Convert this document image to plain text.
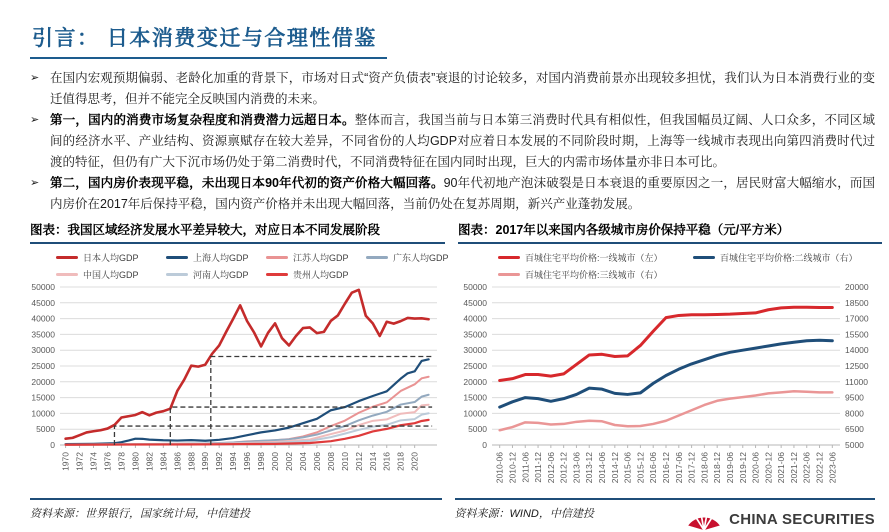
引言： 日本消费变迁与合理性借鉴
➢ 在国内宏观预期偏弱、老龄化加重的背景下，市场对日式“资产负债表”衰退的讨论较多，对国内消费前景亦出现较多担忧，我们认为日本消费行业的变迁值得思考，但并不能完全反映国内消费的未来。

➢ 第一，国内的消费市场复杂程度和消费潜力远超日本。整体而言，我国当前与日本第三消费时代具有相似性，但我国幅员辽阔、人口众多，不同区域间的经济水平、产业结构、资源禀赋存在较大差异，不同省份的人均GDP对应着日本发展的不同阶段时期，上海等一线城市表现出向第四消费时代过渡的特征，但仍有广大下沉市场仍处于第二消费时代，不同消费特征在国内同时出现，巨大的内需市场体量亦非日本可比。

➢ 第二，国内房价表现平稳，未出现日本90年代初的资产价格大幅回落。90年代初地产泡沫破裂是日本衰退的重要原因之一，居民财富大幅缩水，而国内房价在2017年后保持平稳，国内资产价格并未出现大幅回落，当前仍处在复苏周期，新兴产业蓬勃发展。

图表：我国区域经济发展水平差异较大，对应日本不同发展阶段
日本人均GDP	上海人均GDP	江苏人均GDP	广东人均GDP
中国人均GDP	河南人均GDP	贵州人均GDP
0
5000
10000
15000
20000
25000
30000
35000
40000
45000
50000
1970 1972 1974 1976 1978 1980 1982 1984 1986 1988 1990 1992 1994 1996 1998 2000 2002 2004 2006 2008 2010 2012 2014 2016 2018 2020
图表：2017年以来国内各级城市房价保持平稳（元/平方米）
百城住宅平均价格:一线城市（左）	百城住宅平均价格:二线城市（右）
百城住宅平均价格:三线城市（右）
0
5000
10000
15000
20000
25000
30000
35000
40000
45000
50000
5000
6500
8000
9500
11000
12500
14000
15500
17000
18500
20000
2010-06 2010-12 2011-06 2011-12 2012-06 2012-12 2013-06 2013-12 2014-06 2014-12 2015-06 2015-12 2016-06 2016-12 2017-06 2017-12 2018-06 2018-12 2019-06 2019-12 2020-06 2020-12 2021-06 2021-12 2022-06 2022-12 2023-06
资料来源：世界银行，国家统计局，中信建投	资料来源：WIND，中信建投	CHINA SECURITIES
